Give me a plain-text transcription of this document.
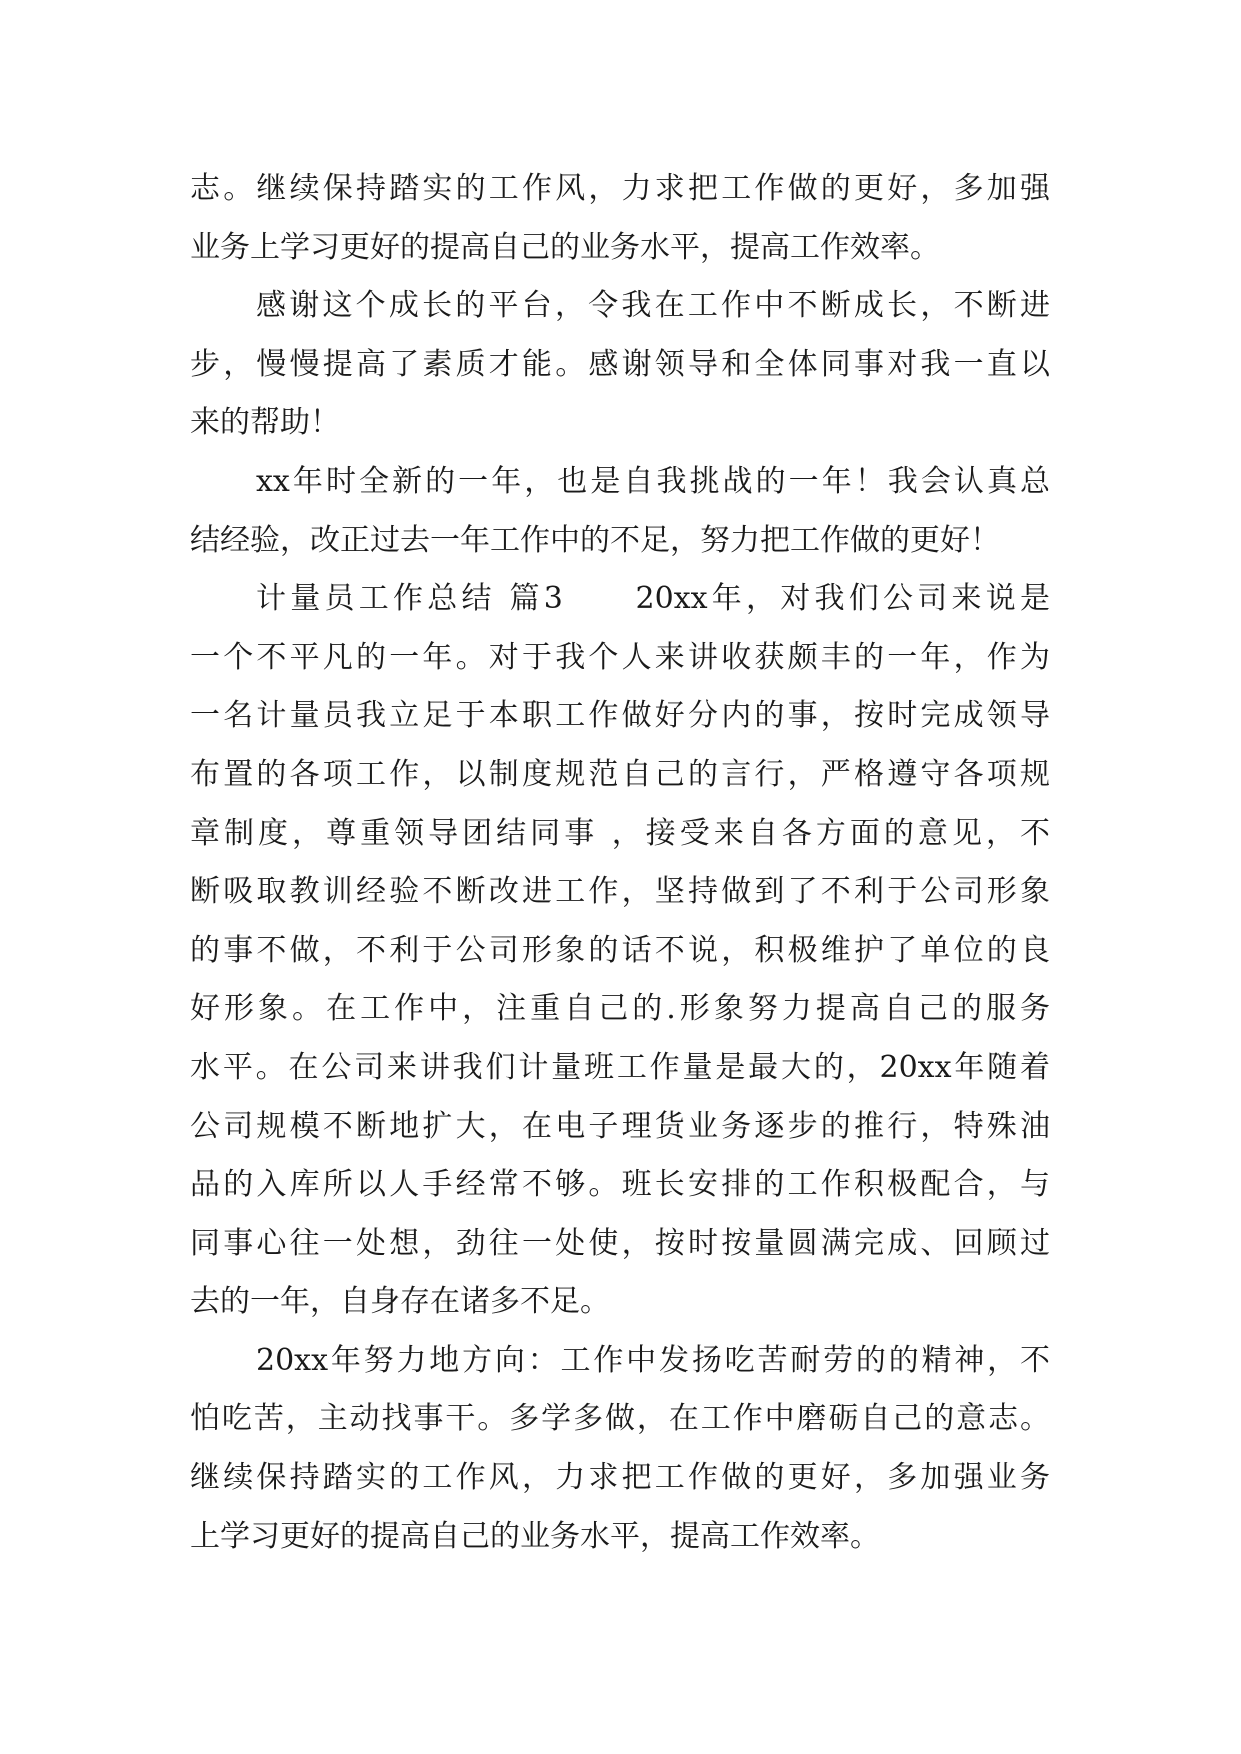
志。继续保持踏实的工作风，力求把工作做的更好，多加强
业务上学习更好的提高自己的业务水平，提高工作效率。
感谢这个成长的平台，令我在工作中不断成长，不断进
步，慢慢提高了素质才能。感谢领导和全体同事对我一直以
来的帮助！
xx年时全新的一年，也是自我挑战的一年！我会认真总
结经验，改正过去一年工作中的不足，努力把工作做的更好！
计量员工作总结 篇3　　20xx年，对我们公司来说是
一个不平凡的一年。对于我个人来讲收获颇丰的一年，作为
一名计量员我立足于本职工作做好分内的事，按时完成领导
布置的各项工作，以制度规范自己的言行，严格遵守各项规
章制度，尊重领导团结同事 ，接受来自各方面的意见，不
断吸取教训经验不断改进工作，坚持做到了不利于公司形象
的事不做，不利于公司形象的话不说，积极维护了单位的良
好形象。在工作中，注重自己的.形象努力提高自己的服务
水平。在公司来讲我们计量班工作量是最大的，20xx年随着
公司规模不断地扩大，在电子理货业务逐步的推行，特殊油
品的入库所以人手经常不够。班长安排的工作积极配合，与
同事心往一处想，劲往一处使，按时按量圆满完成、回顾过
去的一年，自身存在诸多不足。
20xx年努力地方向：工作中发扬吃苦耐劳的的精神，不
怕吃苦，主动找事干。多学多做，在工作中磨砺自己的意志。
继续保持踏实的工作风，力求把工作做的更好，多加强业务
上学习更好的提高自己的业务水平，提高工作效率。
